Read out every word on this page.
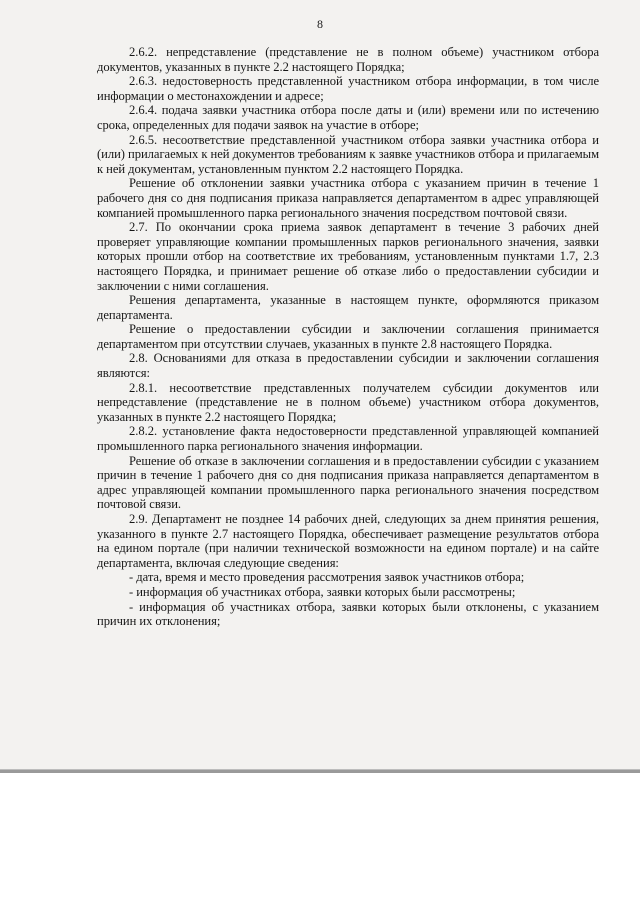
8

2.6.2. непредставление (представление не в полном объеме) участником отбора документов, указанных в пункте 2.2 настоящего Порядка;

2.6.3. недостоверность представленной участником отбора информации, в том числе информации о местонахождении и адресе;

2.6.4. подача заявки участника отбора после даты и (или) времени или по истечению срока, определенных для подачи заявок на участие в отборе;

2.6.5. несоответствие представленной участником отбора заявки участника отбора и (или) прилагаемых к ней документов требованиям к заявке участников отбора и прилагаемым к ней документам, установленным пунктом 2.2 настоящего Порядка.

Решение об отклонении заявки участника отбора с указанием причин в течение 1 рабочего дня со дня подписания приказа направляется департаментом в адрес управляющей компанией промышленного парка регионального значения посредством почтовой связи.

2.7. По окончании срока приема заявок департамент в течение 3 рабочих дней проверяет управляющие компании промышленных парков регионального значения, заявки которых прошли отбор на соответствие их требованиям, установленным пунктами 1.7, 2.3 настоящего Порядка, и принимает решение об отказе либо о предоставлении субсидии и заключении с ними соглашения.

Решения департамента, указанные в настоящем пункте, оформляются приказом департамента.

Решение о предоставлении субсидии и заключении соглашения принимается департаментом при отсутствии случаев, указанных в пункте 2.8 настоящего Порядка.

2.8. Основаниями для отказа в предоставлении субсидии и заключении соглашения являются:

2.8.1. несоответствие представленных получателем субсидии документов или непредставление (представление не в полном объеме) участником отбора документов, указанных в пункте 2.2 настоящего Порядка;

2.8.2. установление факта недостоверности представленной управляющей компанией промышленного парка регионального значения информации.

Решение об отказе в заключении соглашения и в предоставлении субсидии с указанием причин в течение 1 рабочего дня со дня подписания приказа направляется департаментом в адрес управляющей компании промышленного парка регионального значения посредством почтовой связи.

2.9. Департамент не позднее 14 рабочих дней, следующих за днем принятия решения, указанного в пункте 2.7 настоящего Порядка, обеспечивает размещение результатов отбора на едином портале (при наличии технической возможности на едином портале) и на сайте департамента, включая следующие сведения:

- дата, время и место проведения рассмотрения заявок участников отбора;

- информация об участниках отбора, заявки которых были рассмотрены;

- информация об участниках отбора, заявки которых были отклонены, с указанием причин их отклонения;
